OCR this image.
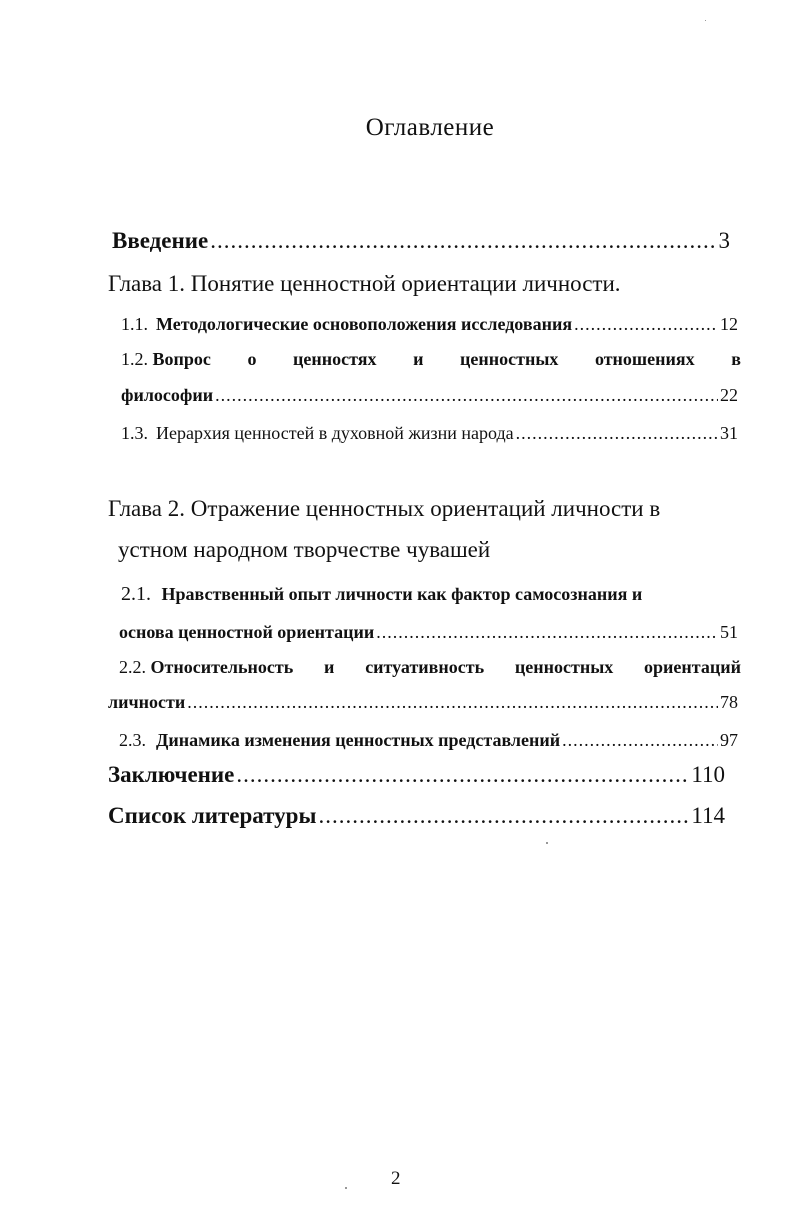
Оглавление
Введение .....	3
Глава 1. Понятие ценностной ориентации личности.
1.1. Методологические основоположения исследования .....	12
1.2. Вопрос о ценностях и ценностных отношениях в
философии .....	22
1.3. Иерархия ценностей в духовной жизни народа .....	31
Глава 2. Отражение ценностных ориентаций личности в
устном народном творчестве чувашей
2.1. Нравственный опыт личности как фактор самосознания и
основа ценностной ориентации .....	51
2.2. Относительность и ситуативность ценностных ориентаций
личности .....	78
2.3. Динамика изменения ценностных представлений .....	97
Заключение .....	110
Список литературы .....	114
2
